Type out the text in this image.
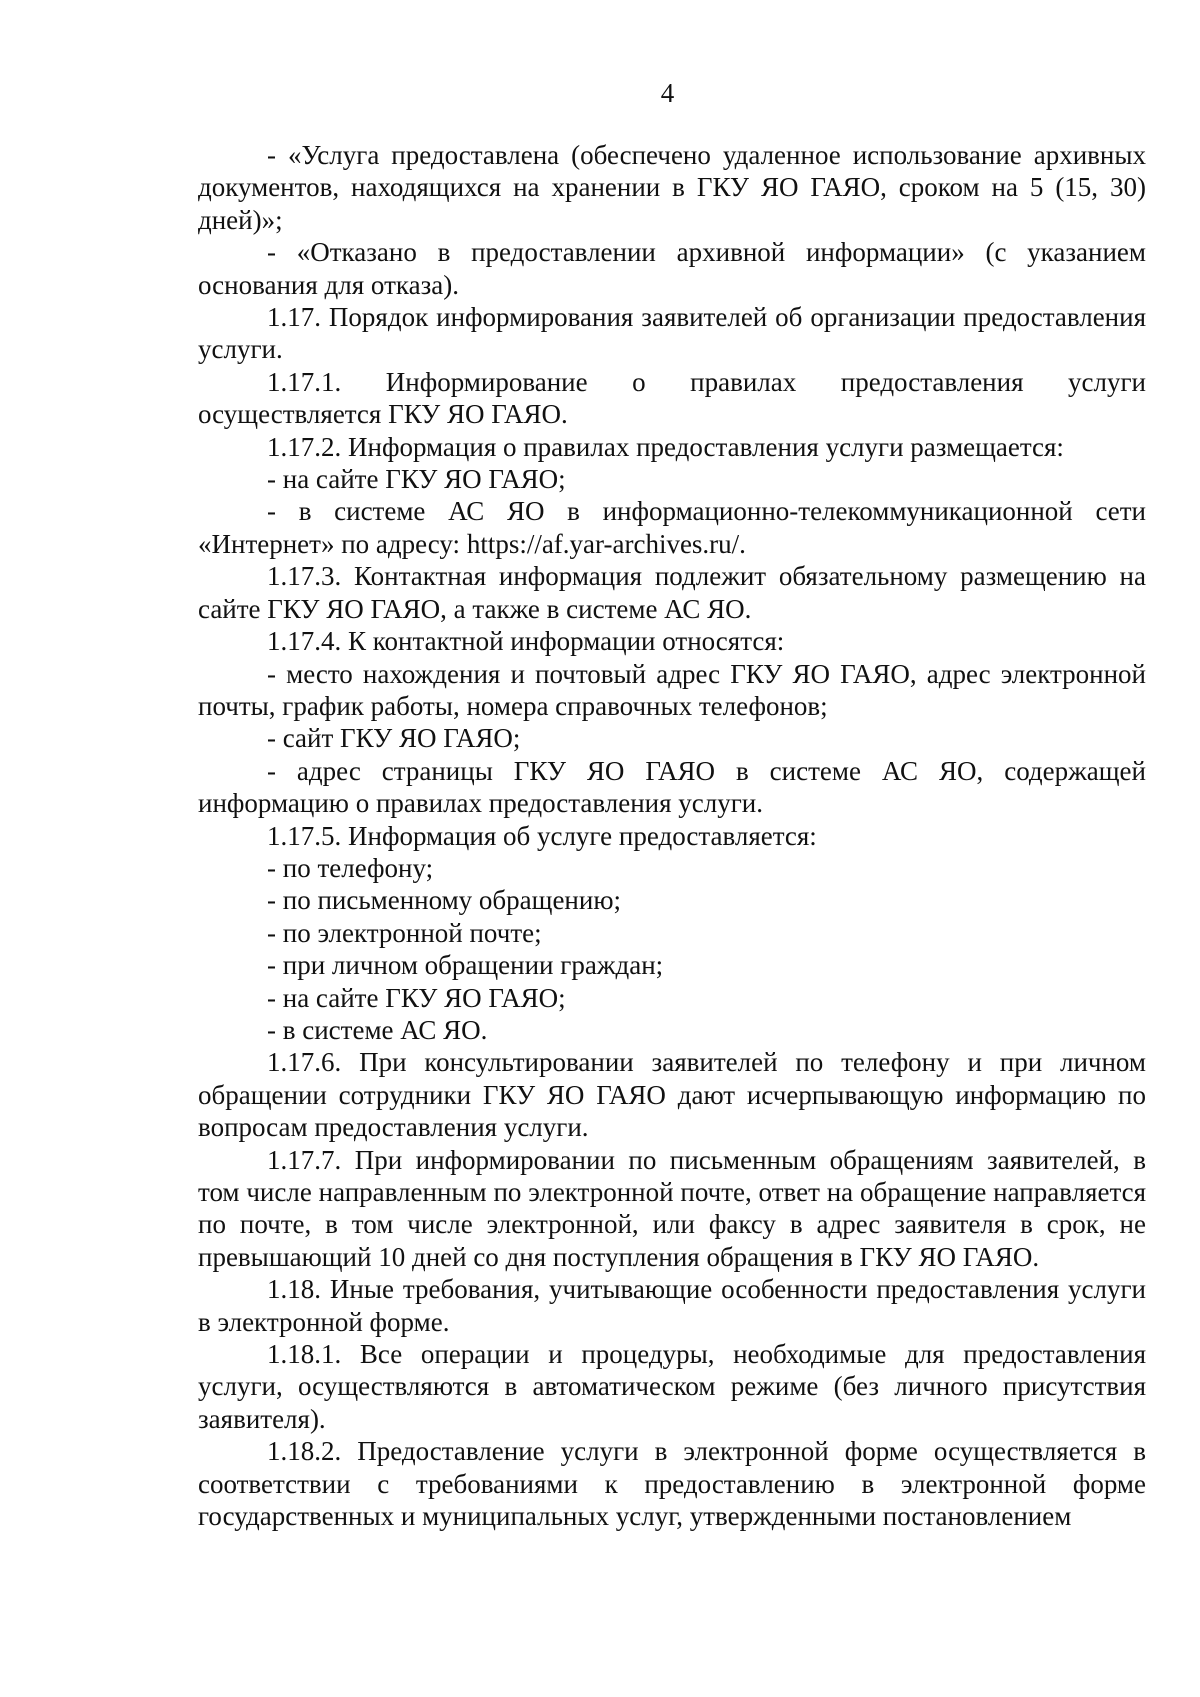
4

- «Услуга предоставлена (обеспечено удаленное использование архивных документов, находящихся на хранении в ГКУ ЯО ГАЯО, сроком на 5 (15, 30) дней)»;

- «Отказано в предоставлении архивной информации» (с указанием основания для отказа).

1.17. Порядок информирования заявителей об организации предоставления услуги.

1.17.1. Информирование о правилах предоставления услуги осуществляется ГКУ ЯО ГАЯО.

1.17.2. Информация о правилах предоставления услуги размещается:

- на сайте ГКУ ЯО ГАЯО;

- в системе АС ЯО в информационно-телекоммуникационной сети «Интернет» по адресу: https://af.yar-archives.ru/.

1.17.3. Контактная информация подлежит обязательному размещению на сайте ГКУ ЯО ГАЯО, а также в системе АС ЯО.

1.17.4. К контактной информации относятся:

- место нахождения и почтовый адрес ГКУ ЯО ГАЯО, адрес электронной почты, график работы, номера справочных телефонов;

- сайт ГКУ ЯО ГАЯО;

- адрес страницы ГКУ ЯО ГАЯО в системе АС ЯО, содержащей информацию о правилах предоставления услуги.

1.17.5. Информация об услуге предоставляется:

- по телефону;

- по письменному обращению;

- по электронной почте;

- при личном обращении граждан;

- на сайте ГКУ ЯО ГАЯО;

- в системе АС ЯО.

1.17.6. При консультировании заявителей по телефону и при личном обращении сотрудники ГКУ ЯО ГАЯО дают исчерпывающую информацию по вопросам предоставления услуги.

1.17.7. При информировании по письменным обращениям заявителей, в том числе направленным по электронной почте, ответ на обращение направляется по почте, в том числе электронной, или факсу в адрес заявителя в срок, не превышающий 10 дней со дня поступления обращения в ГКУ ЯО ГАЯО.

1.18. Иные требования, учитывающие особенности предоставления услуги в электронной форме.

1.18.1. Все операции и процедуры, необходимые для предоставления услуги, осуществляются в автоматическом режиме (без личного присутствия заявителя).

1.18.2. Предоставление услуги в электронной форме осуществляется в соответствии с требованиями к предоставлению в электронной форме государственных и муниципальных услуг, утвержденными постановлением
